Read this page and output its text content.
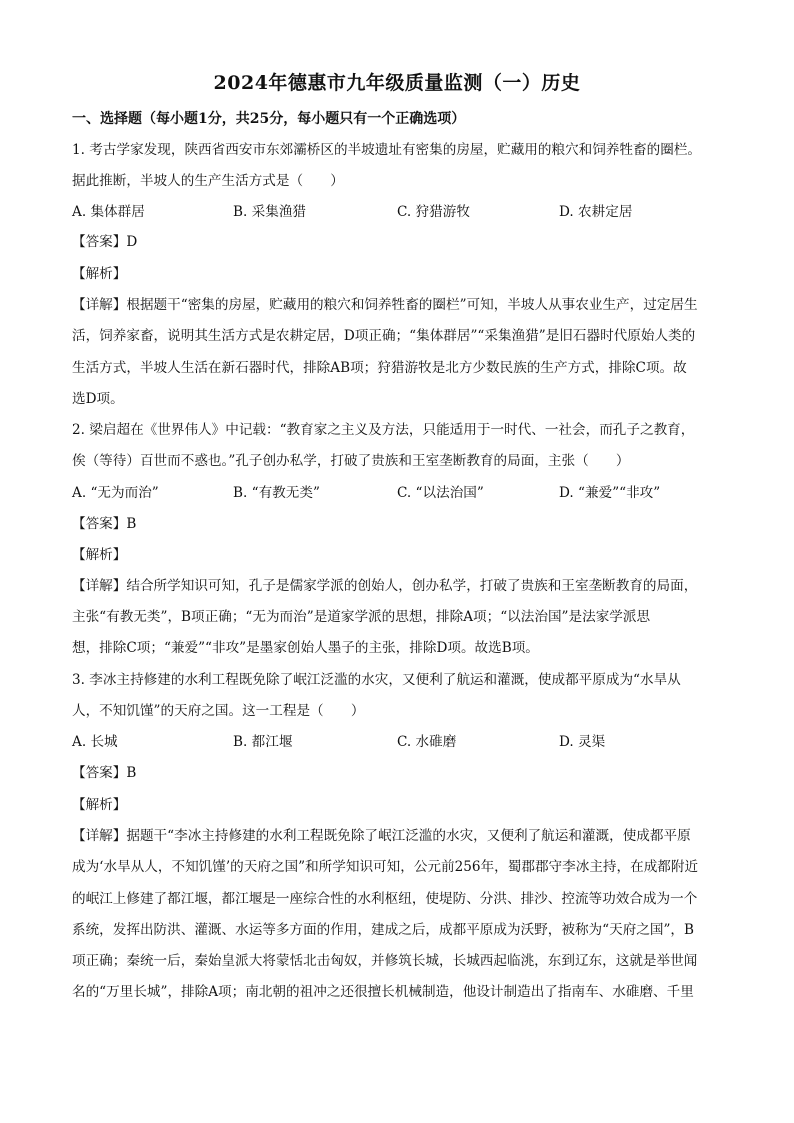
2024年德惠市九年级质量监测（一）历史
一、选择题（每小题1分，共25分，每小题只有一个正确选项）
1. 考古学家发现，陕西省西安市东郊灞桥区的半坡遗址有密集的房屋，贮藏用的粮穴和饲养牲畜的圈栏。
据此推断，半坡人的生产生活方式是（　　）
A. 集体群居	B. 采集渔猎	C. 狩猎游牧	D. 农耕定居
【答案】D
【解析】
【详解】根据题干“密集的房屋，贮藏用的粮穴和饲养牲畜的圈栏”可知，半坡人从事农业生产，过定居生
活，饲养家畜，说明其生活方式是农耕定居，D项正确；“集体群居”“采集渔猎”是旧石器时代原始人类的
生活方式，半坡人生活在新石器时代，排除AB项；狩猎游牧是北方少数民族的生产方式，排除C项。故
选D项。
2. 梁启超在《世界伟人》中记载：“教育家之主义及方法，只能适用于一时代、一社会，而孔子之教育，
俟（等待）百世而不惑也。”孔子创办私学，打破了贵族和王室垄断教育的局面，主张（　　）
A. “无为而治”	B. “有教无类”	C. “以法治国”	D. “兼爱”“非攻”
【答案】B
【解析】
【详解】结合所学知识可知，孔子是儒家学派的创始人，创办私学，打破了贵族和王室垄断教育的局面，
主张“有教无类”，B项正确；“无为而治”是道家学派的思想，排除A项；“以法治国”是法家学派思
想，排除C项；“兼爱”“非攻”是墨家创始人墨子的主张，排除D项。故选B项。
3. 李冰主持修建的水利工程既免除了岷江泛滥的水灾，又便利了航运和灌溉，使成都平原成为“水旱从
人，不知饥馑”的天府之国。这一工程是（　　）
A. 长城	B. 都江堰	C. 水碓磨	D. 灵渠
【答案】B
【解析】
【详解】据题干“李冰主持修建的水利工程既免除了岷江泛滥的水灾，又便利了航运和灌溉，使成都平原
成为‘水旱从人，不知饥馑’的天府之国”和所学知识可知，公元前256年，蜀郡郡守李冰主持，在成都附近
的岷江上修建了都江堰，都江堰是一座综合性的水利枢纽，使堤防、分洪、排沙、控流等功效合成为一个
系统，发挥出防洪、灌溉、水运等多方面的作用，建成之后，成都平原成为沃野，被称为“天府之国”，B
项正确；秦统一后，秦始皇派大将蒙恬北击匈奴，并修筑长城，长城西起临洮，东到辽东，这就是举世闻
名的“万里长城”，排除A项；南北朝的祖冲之还很擅长机械制造，他设计制造出了指南车、水碓磨、千里
